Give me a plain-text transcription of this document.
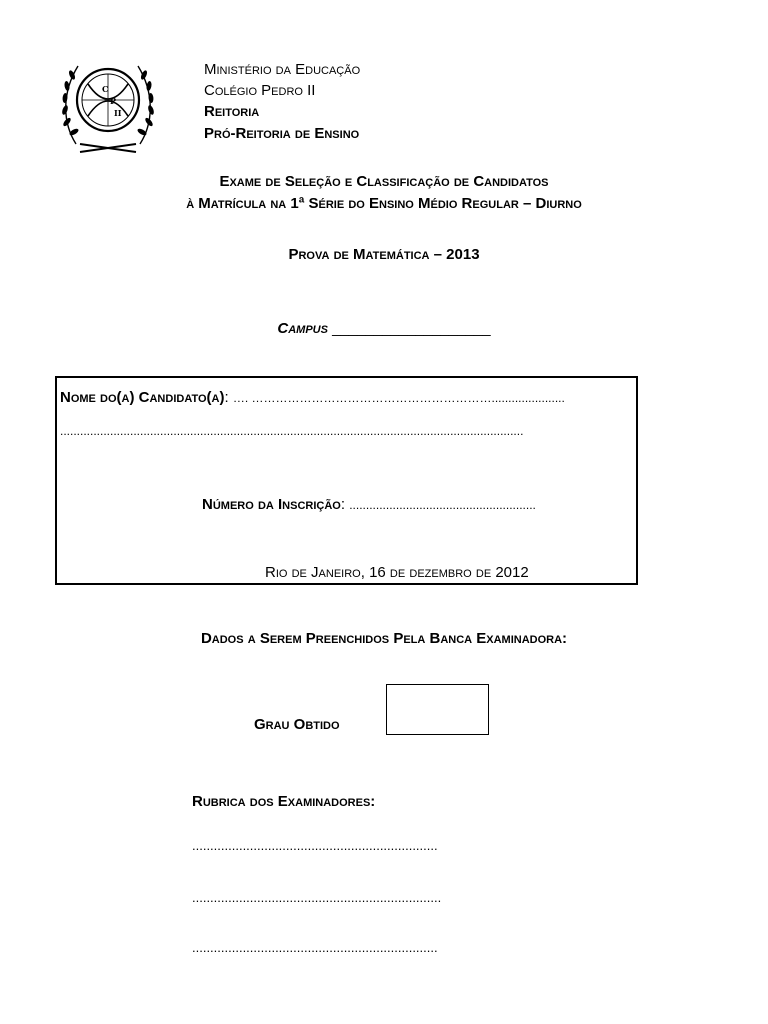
C
P
II
Ministério da Educação
Colégio Pedro II
Reitoria
Pró-Reitoria de Ensino
Exame de Seleção e Classificação de Candidatos
à Matrícula na 1ª Série do Ensino Médio Regular – Diurno
Prova de Matemática – 2013
Campus ___________________
Nome do(a) Candidato(a): …. ……………………………………………………......................
...........................................................................................................................................
Número da Inscrição: ........................................................
Rio de Janeiro, 16 de dezembro de 2012
Dados a Serem Preenchidos Pela Banca Examinadora:
Grau Obtido
Rubrica dos Examinadores:
....................................................................
.....................................................................
....................................................................
